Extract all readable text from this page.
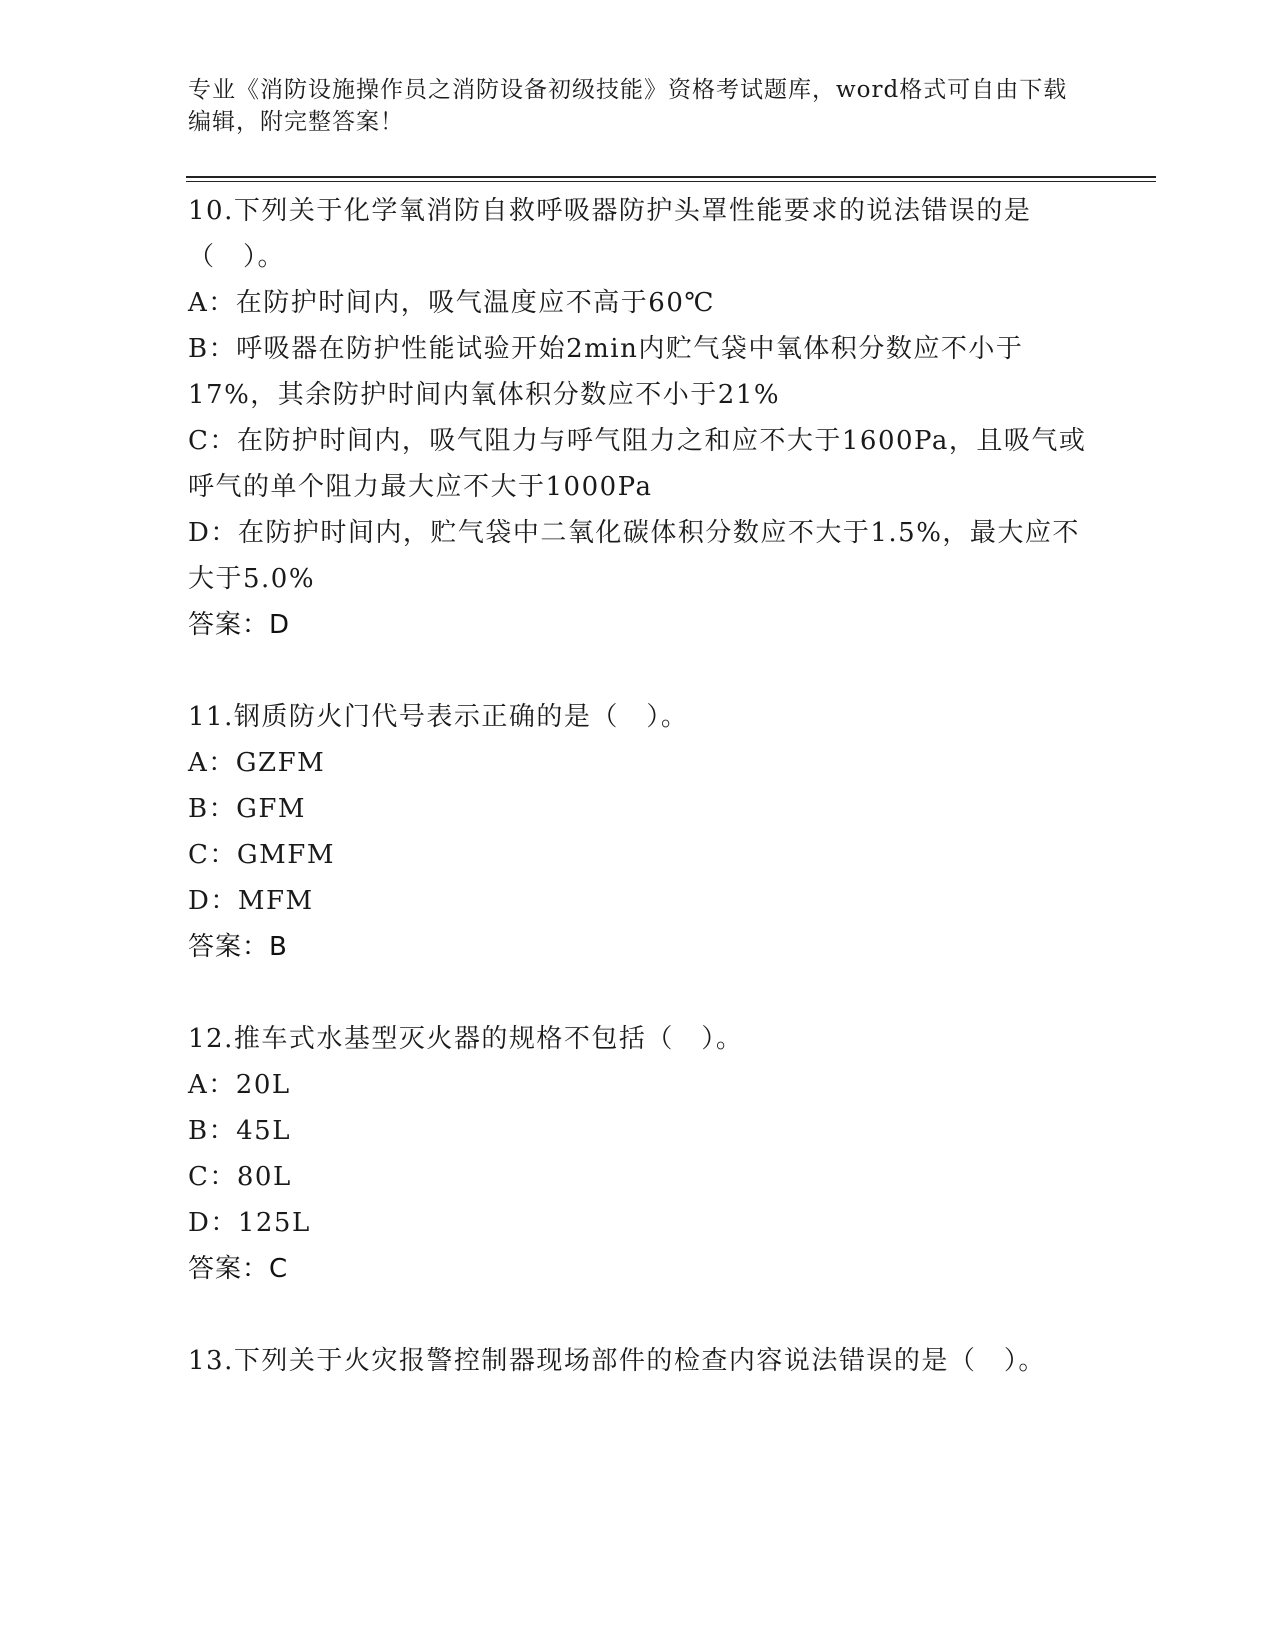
专业《消防设施操作员之消防设备初级技能》资格考试题库，word格式可自由下载编辑，附完整答案！
10.下列关于化学氧消防自救呼吸器防护头罩性能要求的说法错误的是（　）。
A：在防护时间内，吸气温度应不高于60℃
B：呼吸器在防护性能试验开始2min内贮气袋中氧体积分数应不小于17%，其余防护时间内氧体积分数应不小于21%
C：在防护时间内，吸气阻力与呼气阻力之和应不大于1600Pa，且吸气或呼气的单个阻力最大应不大于1000Pa
D：在防护时间内，贮气袋中二氧化碳体积分数应不大于1.5%，最大应不大于5.0%
答案：D
11.钢质防火门代号表示正确的是（　）。
A：GZFM
B：GFM
C：GMFM
D：MFM
答案：B
12.推车式水基型灭火器的规格不包括（　）。
A：20L
B：45L
C：80L
D：125L
答案：C
13.下列关于火灾报警控制器现场部件的检查内容说法错误的是（　）。
